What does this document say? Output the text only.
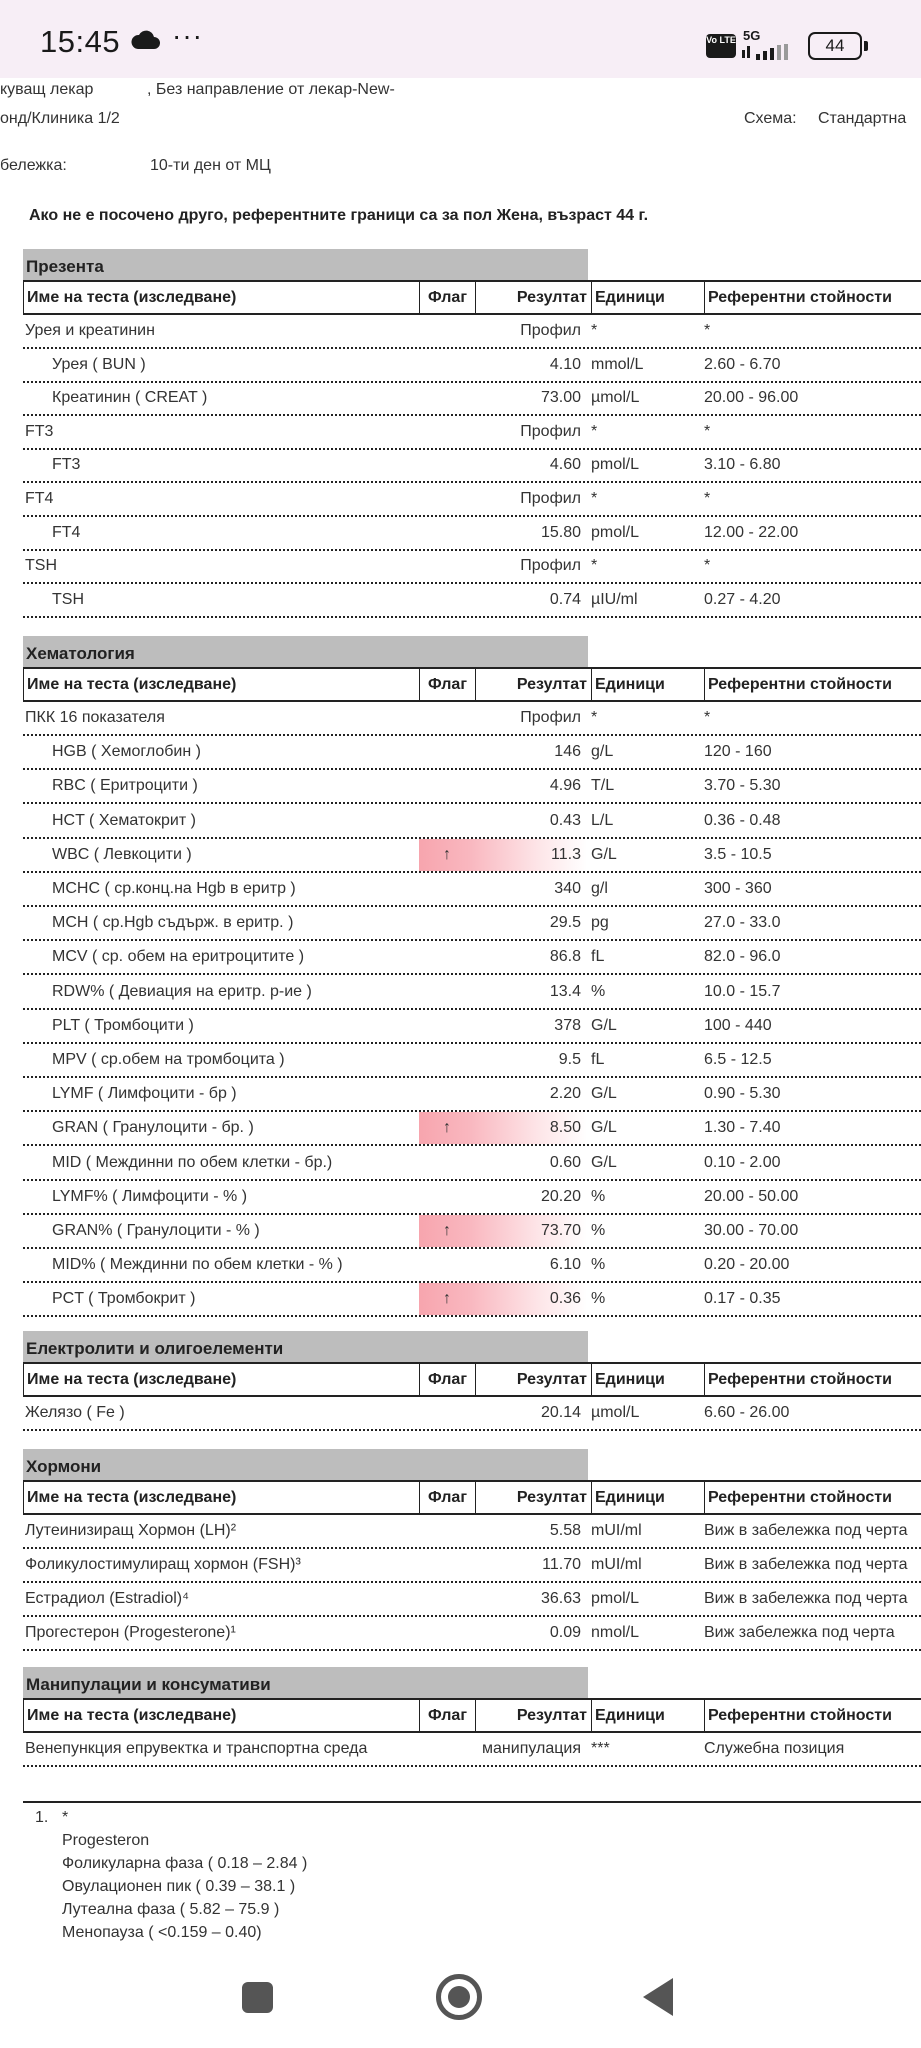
15:45 ···	Vo LTE 5G
44
куващ лекар	, Без направление от лекар-New-
онд/Клиника 1/2	Схема: Стандартна
бележка:	10-ти ден от МЦ
Ако не е посочено друго, референтните граници са за пол Жена, възраст 44 г.
Презента
Име на теста (изследване)	Флаг	Резултат Единици	Референтни стойности
Урея и креатинин	Профил *	*
Урея ( BUN )	4.10 mmol/L	2.60 - 6.70
Креатинин ( CREAT )	73.00 µmol/L	20.00 - 96.00
FT3	Профил *	*
FT3	4.60 pmol/L	3.10 - 6.80
FT4	Профил *	*
FT4	15.80 pmol/L	12.00 - 22.00
TSH	Профил *	*
TSH	0.74 µIU/ml	0.27 - 4.20
Хематология
Име на теста (изследване)	Флаг	Резултат Единици	Референтни стойности
ПКК 16 показателя	Профил *	*
HGB ( Хемоглобин )	146 g/L	120 - 160
RBC ( Еритроцити )	4.96 T/L	3.70 - 5.30
HCT ( Хематокрит )	0.43 L/L	0.36 - 0.48
WBC ( Левкоцити )	↑	11.3 G/L	3.5 - 10.5
MCHC ( ср.конц.на Hgb в еритр )	340 g/l	300 - 360
MCH ( ср.Hgb съдърж. в еритр. )	29.5 pg	27.0 - 33.0
MCV ( ср. обем на еритроцитите )	86.8 fL	82.0 - 96.0
RDW% ( Девиация на еритр. р-ие )	13.4 %	10.0 - 15.7
PLT ( Тромбоцити )	378 G/L	100 - 440
MPV ( ср.обем на тромбоцита )	9.5 fL	6.5 - 12.5
LYMF ( Лимфоцити - бр )	2.20 G/L	0.90 - 5.30
GRAN ( Гранулоцити - бр. )	↑	8.50 G/L	1.30 - 7.40
MID ( Междинни по обем клетки - бр.)	0.60 G/L	0.10 - 2.00
LYMF% ( Лимфоцити - % )	20.20 %	20.00 - 50.00
GRAN% ( Гранулоцити - % )	↑	73.70 %	30.00 - 70.00
MID% ( Междинни по обем клетки - % )	6.10 %	0.20 - 20.00
PCT ( Тромбокрит )	↑	0.36 %	0.17 - 0.35
Електролити и олигоелементи
Име на теста (изследване)	Флаг	Резултат Единици	Референтни стойности
Желязо ( Fe )	20.14 µmol/L	6.60 - 26.00
Хормони
Име на теста (изследване)	Флаг	Резултат Единици	Референтни стойности
Лутеинизиращ Хормон (LH)²	5.58 mUI/ml	Виж в забележка под черта
Фоликулостимулиращ хормон (FSH)³	11.70 mUI/ml	Виж в забележка под черта
Естрадиол (Estradiol)⁴	36.63 pmol/L	Виж в забележка под черта
Прогестерон (Progesterone)¹	0.09 nmol/L	Виж забележка под черта
Манипулации и консумативи
Име на теста (изследване)	Флаг	Резултат Единици	Референтни стойности
Венепункция епрувектка и транспортна среда	манипулация ***	Служебна позиция
1. *
Progesteron
Фоликуларна фаза ( 0.18 – 2.84 )
Овулационен пик ( 0.39 – 38.1 )
Лутеална фаза ( 5.82 – 75.9 )
Менопауза ( <0.159 – 0.40)
